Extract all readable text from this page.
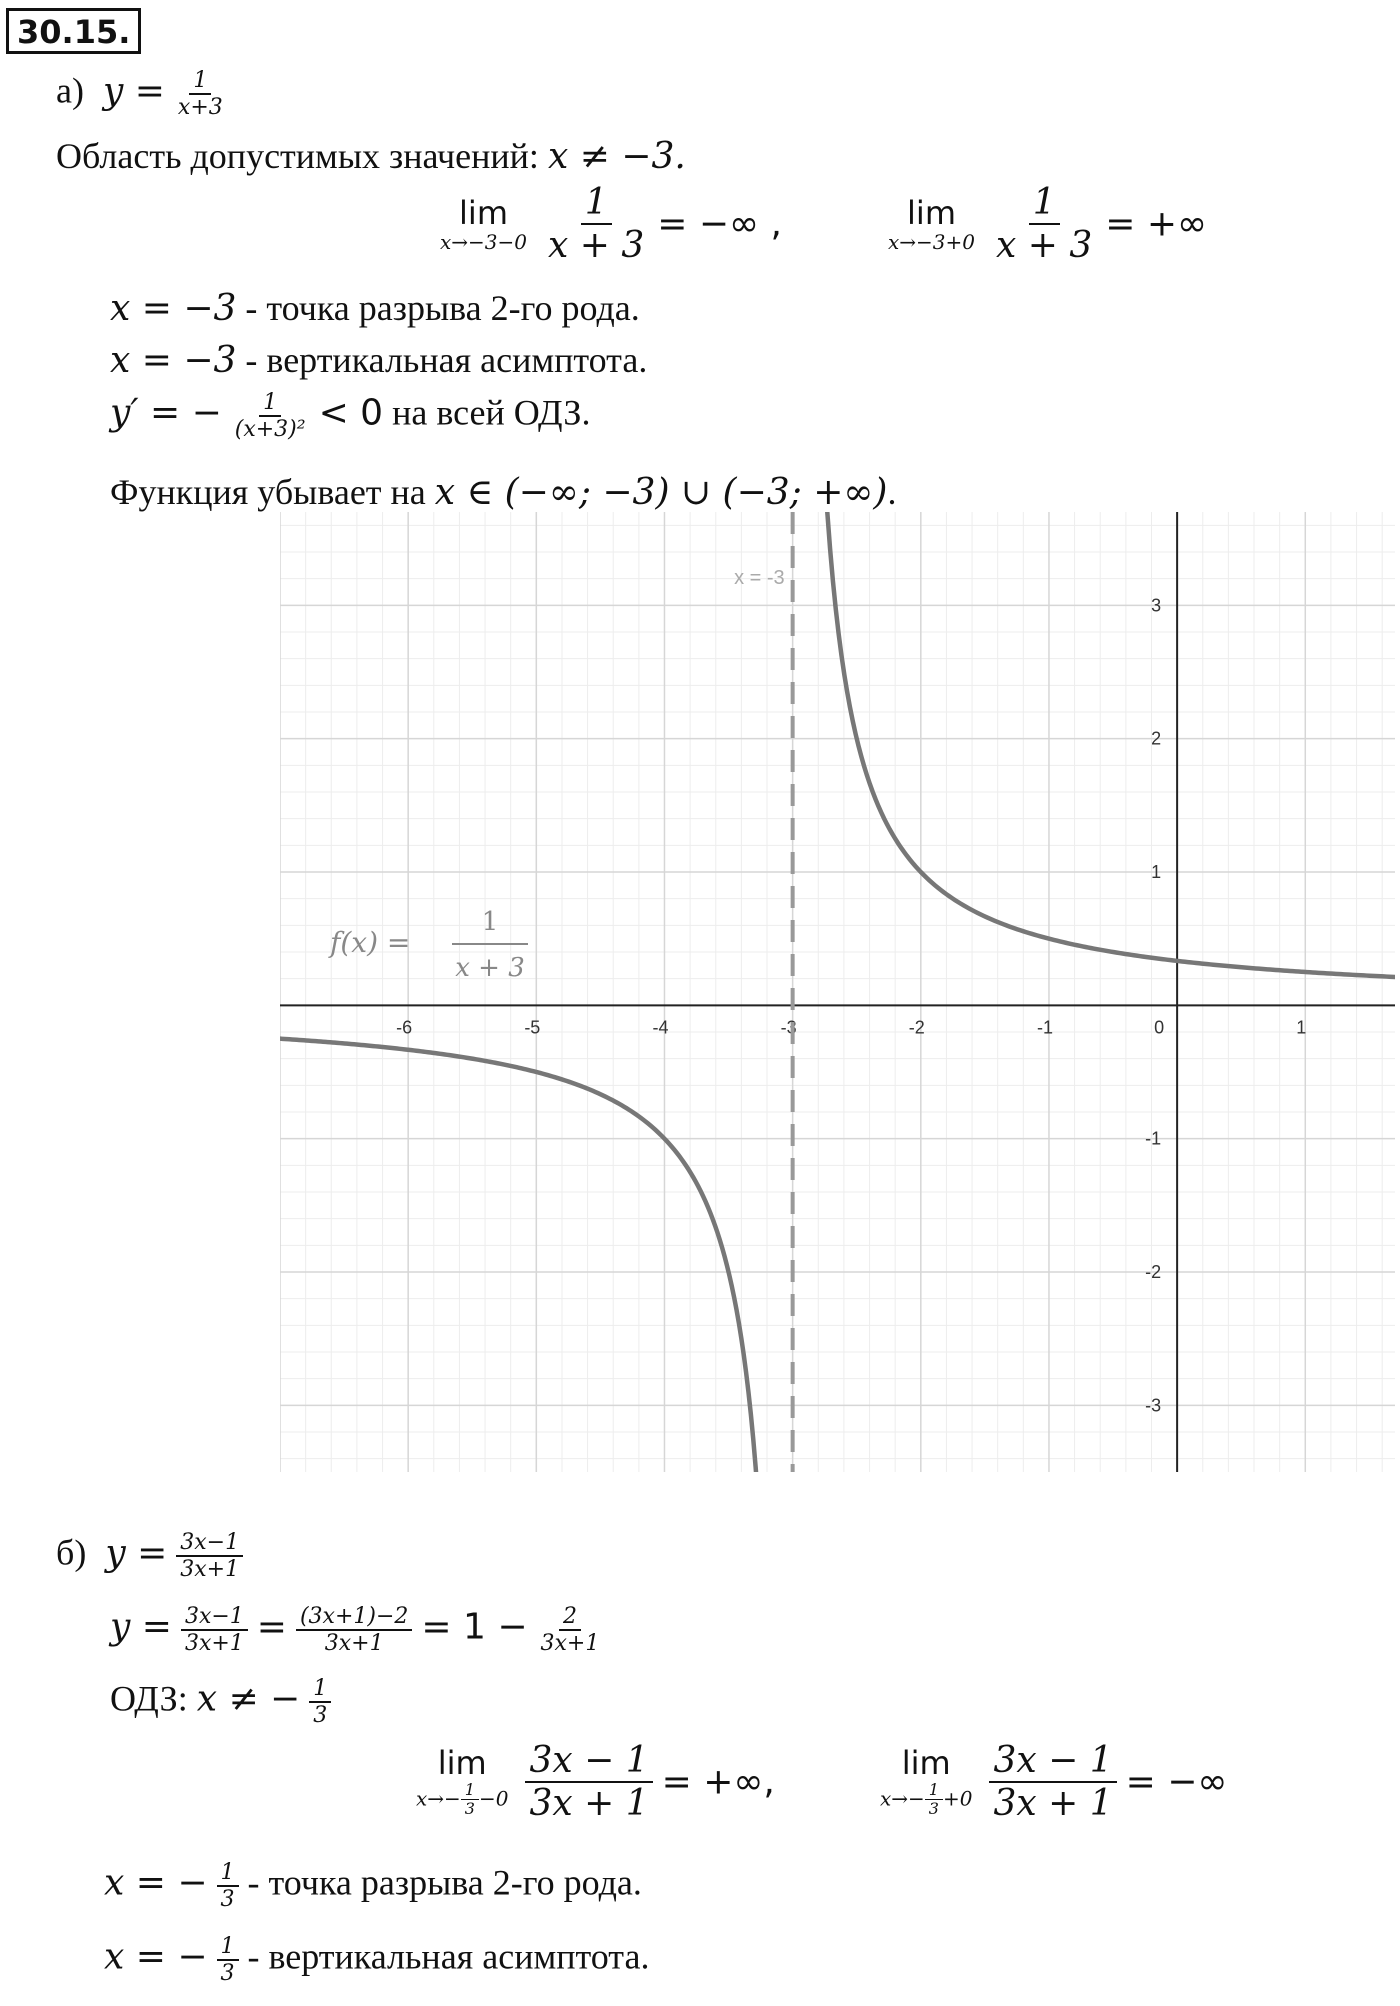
30.15.
а) $y = \frac{1}{x+3}$
Область допустимых значений: x ≠ −3.
lim
x→−3−0
$\frac{1}{x + 3}$ = −∞ ,	lim
x→−3+0
$\frac{1}{x + 3}$ = +∞
x = −3 - точка разрыва 2-го рода.
x = −3 - вертикальная асимптота.
y′ = − $\frac{1}{\text{(x+3)²}} < 0$ на всей ОДЗ.
Функция убывает на x ∈ (−∞; −3) ∪ (−3; +∞).
-6	-5	-4	-3	-2	-1	0	1
-3
-2
-1
1
2
3
x = -3
f(x) =
1
x + 3
б) $y = \frac{3x-1}{3x+1}$
$y = \frac{3x-1}{3x+1} = \frac{(3x+1)-2}{3x+1} = 1 - \frac{2}{3x+1}$
ОДЗ: x ≠ − $\frac{1}{3}$
lim
$x\to- \frac{1}{3} -0$
$\frac{3x - 1}{3x + 1}$ = +∞,	lim
$x\to- \frac{1}{3} +0$
$\frac{3x - 1}{3x + 1}$ = −∞
x = − $\frac{1}{3}$ - точка разрыва 2-го рода.
x = − $\frac{1}{3}$ - вертикальная асимптота.
